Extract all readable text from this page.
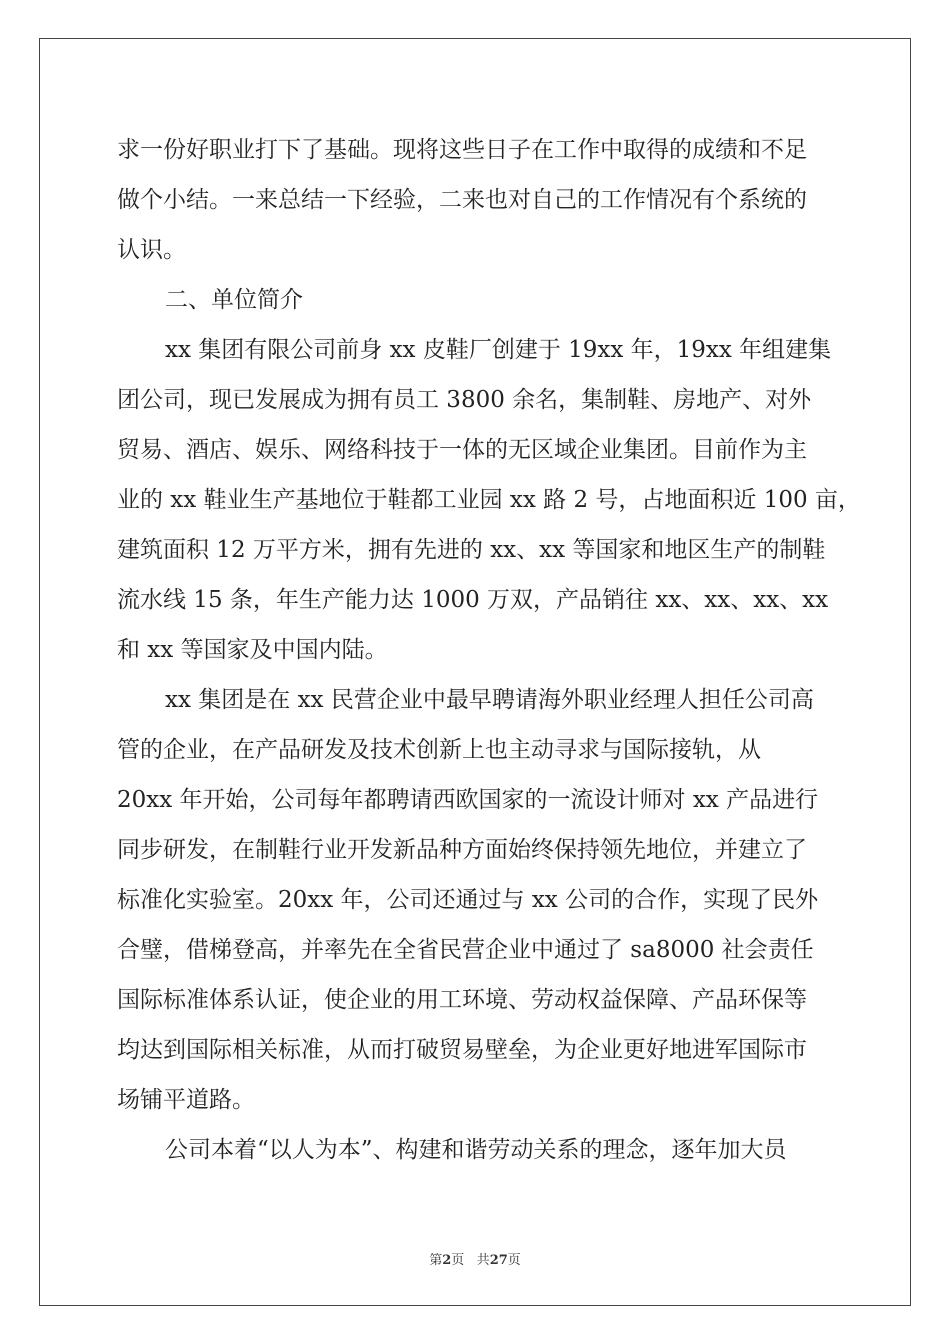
求一份好职业打下了基础。现将这些日子在工作中取得的成绩和不足

做个小结。一来总结一下经验，二来也对自己的工作情况有个系统的

认识。

二、单位简介

xx 集团有限公司前身 xx 皮鞋厂创建于 19xx 年，19xx 年组建集

团公司，现已发展成为拥有员工 3800 余名，集制鞋、房地产、对外

贸易、酒店、娱乐、网络科技于一体的无区域企业集团。目前作为主

业的 xx 鞋业生产基地位于鞋都工业园 xx 路 2 号，占地面积近 100 亩，

建筑面积 12 万平方米，拥有先进的 xx、xx 等国家和地区生产的制鞋

流水线 15 条，年生产能力达 1000 万双，产品销往 xx、xx、xx、xx

和 xx 等国家及中国内陆。

xx 集团是在 xx 民营企业中最早聘请海外职业经理人担任公司高

管的企业，在产品研发及技术创新上也主动寻求与国际接轨，从

20xx 年开始，公司每年都聘请西欧国家的一流设计师对 xx 产品进行

同步研发，在制鞋行业开发新品种方面始终保持领先地位，并建立了

标准化实验室。20xx 年，公司还通过与 xx 公司的合作，实现了民外

合璧，借梯登高，并率先在全省民营企业中通过了 sa8000 社会责任

国际标准体系认证，使企业的用工环境、劳动权益保障、产品环保等

均达到国际相关标准，从而打破贸易壁垒，为企业更好地进军国际市

场铺平道路。

公司本着“以人为本”、构建和谐劳动关系的理念，逐年加大员

第2页 共27页
